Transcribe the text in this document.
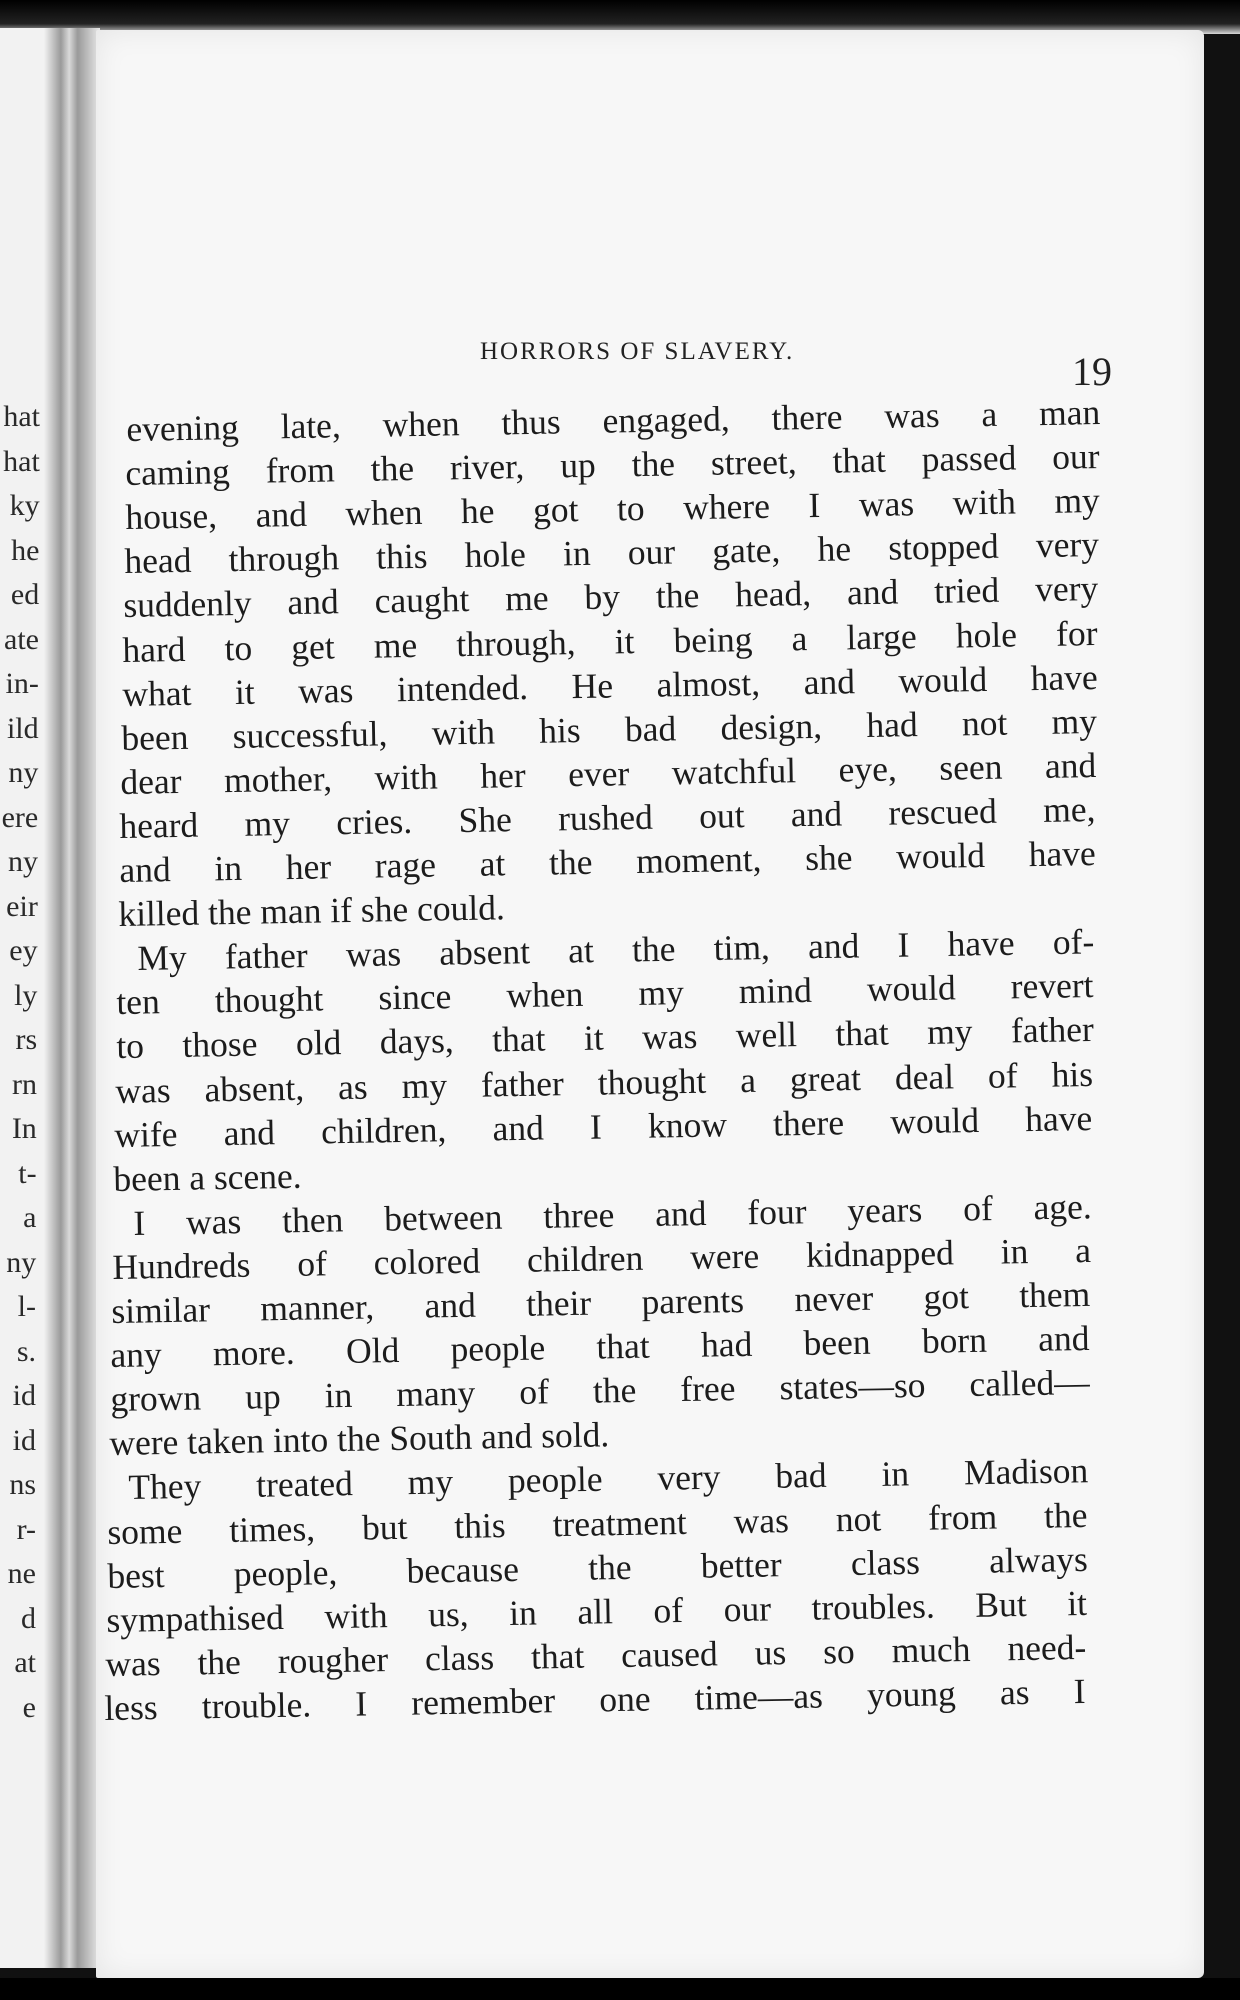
hat
hat
ky
he
ed
ate
in-
ild
ny
ere
ny
eir
ey
ly
rs
rn
In
t-
a
ny
l-
s.
id
id
ns
r-
ne
d
at
e
HORRORS OF SLAVERY.	19
evening late, when thus engaged, there was a man
caming from the river, up the street, that passed our
house, and when he got to where I was with my
head through this hole in our gate, he stopped very
suddenly and caught me by the head, and tried very
hard to get me through, it being a large hole for
what it was intended. He almost, and would have
been successful, with his bad design, had not my
dear mother, with her ever watchful eye, seen and
heard my cries. She rushed out and rescued me,
and in her rage at the moment, she would have
killed the man if she could.
My father was absent at the tim, and I have of-
ten thought since when my mind would revert
to those old days, that it was well that my father
was absent, as my father thought a great deal of his
wife and children, and I know there would have
been a scene.
I was then between three and four years of age.
Hundreds of colored children were kidnapped in a
similar manner, and their parents never got them
any more. Old people that had been born and
grown up in many of the free states—so called—
were taken into the South and sold.
They treated my people very bad in Madison
some times, but this treatment was not from the
best people, because the better class always
sympathised with us, in all of our troubles. But it
was the rougher class that caused us so much need-
less trouble. I remember one time—as young as I
